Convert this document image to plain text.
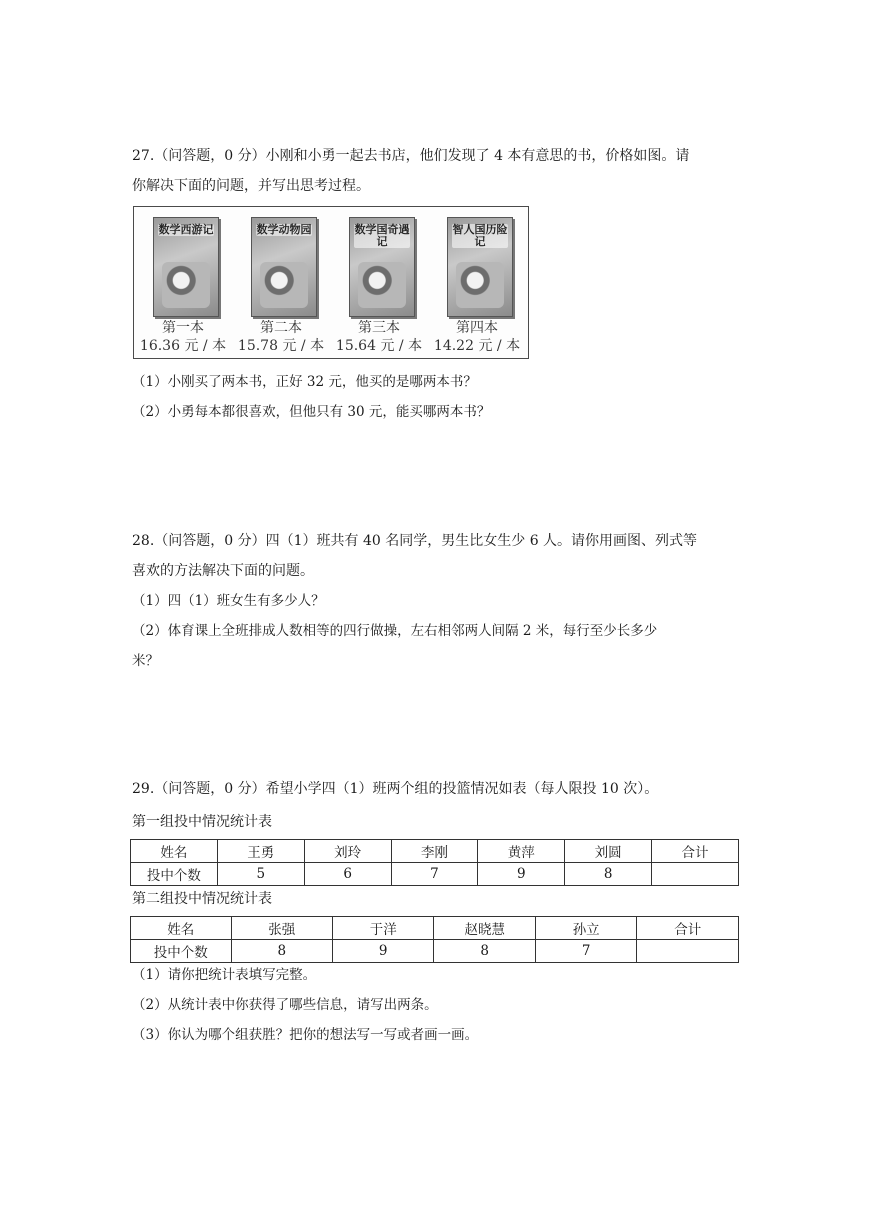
27.（问答题，0 分）小刚和小勇一起去书店，他们发现了 4 本有意思的书，价格如图。请
你解决下面的问题，并写出思考过程。
数学西游记
第一本
16.36 元 / 本
数学动物园
第二本
15.78 元 / 本
数学国奇遇记
第三本
15.64 元 / 本
智人国历险记
第四本
14.22 元 / 本
（1）小刚买了两本书，正好 32 元，他买的是哪两本书？
（2）小勇每本都很喜欢，但他只有 30 元，能买哪两本书？
28.（问答题，0 分）四（1）班共有 40 名同学，男生比女生少 6 人。请你用画图、列式等
喜欢的方法解决下面的问题。
（1）四（1）班女生有多少人？
（2）体育课上全班排成人数相等的四行做操，左右相邻两人间隔 2 米，每行至少长多少
米？
29.（问答题，0 分）希望小学四（1）班两个组的投篮情况如表（每人限投 10 次）。
第一组投中情况统计表
姓名	王勇	刘玲	李刚	黄萍	刘圆	合计
投中个数	5	6	7	9	8	
第二组投中情况统计表
姓名	张强	于洋	赵晓慧	孙立	合计
投中个数	8	9	8	7	
（1）请你把统计表填写完整。
（2）从统计表中你获得了哪些信息，请写出两条。
（3）你认为哪个组获胜？把你的想法写一写或者画一画。
